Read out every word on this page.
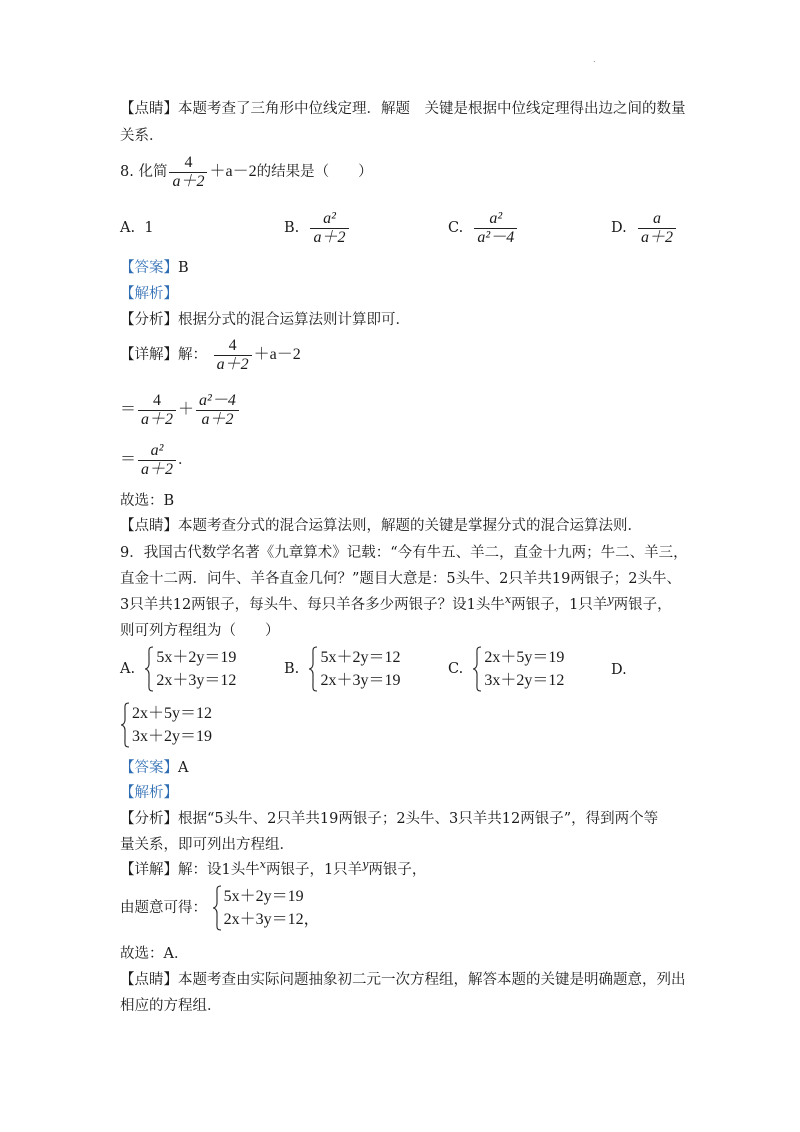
.
【点睛】本题考查了三角形中位线定理．解题　关键是根据中位线定理得出边之间的数量
关系．
8. 化简 $\frac{4}{a+2} +a-2$的结果是（　　）
A. 1	B. $\frac{\text{a²}}{a+2}$	C. $\frac{\text{a²}}{\text{a²－4}}$	D. $\frac{a}{a+2}$
【答案】B
【解析】
【分析】根据分式的混合运算法则计算即可．
【详解】解： $\frac{4}{a+2} +a-2$
＝ $\frac{4}{a+2} + \frac{\text{a²－4}}{a+2}$
＝ $\frac{\text{a²}}{a+2}$ ．
故选：B
【点睛】本题考查分式的混合运算法则，解题的关键是掌握分式的混合运算法则．
9．我国古代数学名著《九章算术》记载：“今有牛五、羊二，直金十九两；牛二、羊三，
直金十二两．问牛、羊各直金几何？”题目大意是：5头牛、2只羊共19两银子；2头牛、
3只羊共12两银子，每头牛、每只羊各多少两银子？设1头牛$^x$两银子，1只羊$^y$两银子，
则可列方程组为（　　）
A.
5x＋2y＝19
2x＋3y＝12
B.
5x＋2y＝12
2x＋3y＝19
C.
2x＋5y＝19
3x＋2y＝12
D.
2x＋5y＝12
3x＋2y＝19
【答案】A
【解析】
【分析】根据“5头牛、2只羊共19两银子；2头牛、3只羊共12两银子”，得到两个等
量关系，即可列出方程组．
【详解】解：设1头牛$^x$两银子，1只羊$^y$两银子，
由题意可得：
5x＋2y＝19
2x＋3y＝12，
故选：A．
【点睛】本题考查由实际问题抽象初二元一次方程组，解答本题的关键是明确题意，列出
相应的方程组．
